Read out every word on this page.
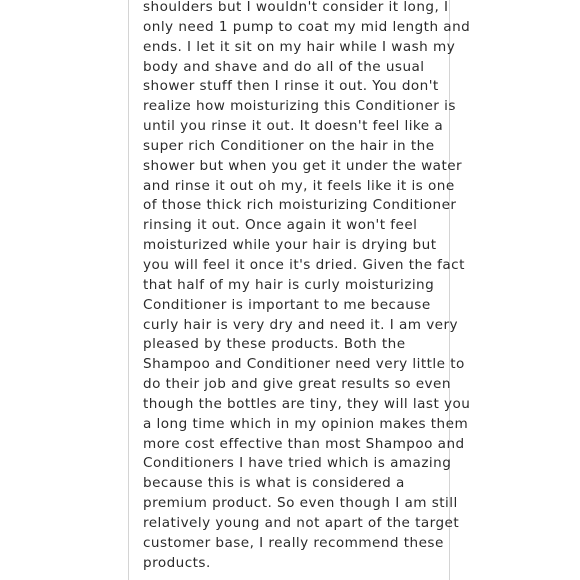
shoulders but I wouldn't consider it long, I
only need 1 pump to coat my mid length and
ends. I let it sit on my hair while I wash my
body and shave and do all of the usual
shower stuff then I rinse it out. You don't
realize how moisturizing this Conditioner is
until you rinse it out. It doesn't feel like a
super rich Conditioner on the hair in the
shower but when you get it under the water
and rinse it out oh my, it feels like it is one
of those thick rich moisturizing Conditioner
rinsing it out. Once again it won't feel
moisturized while your hair is drying but
you will feel it once it's dried. Given the fact
that half of my hair is curly moisturizing
Conditioner is important to me because
curly hair is very dry and need it. I am very
pleased by these products. Both the
Shampoo and Conditioner need very little to
do their job and give great results so even
though the bottles are tiny, they will last you
a long time which in my opinion makes them
more cost effective than most Shampoo and
Conditioners I have tried which is amazing
because this is what is considered a
premium product. So even though I am still
relatively young and not apart of the target
customer base, I really recommend these
products.
